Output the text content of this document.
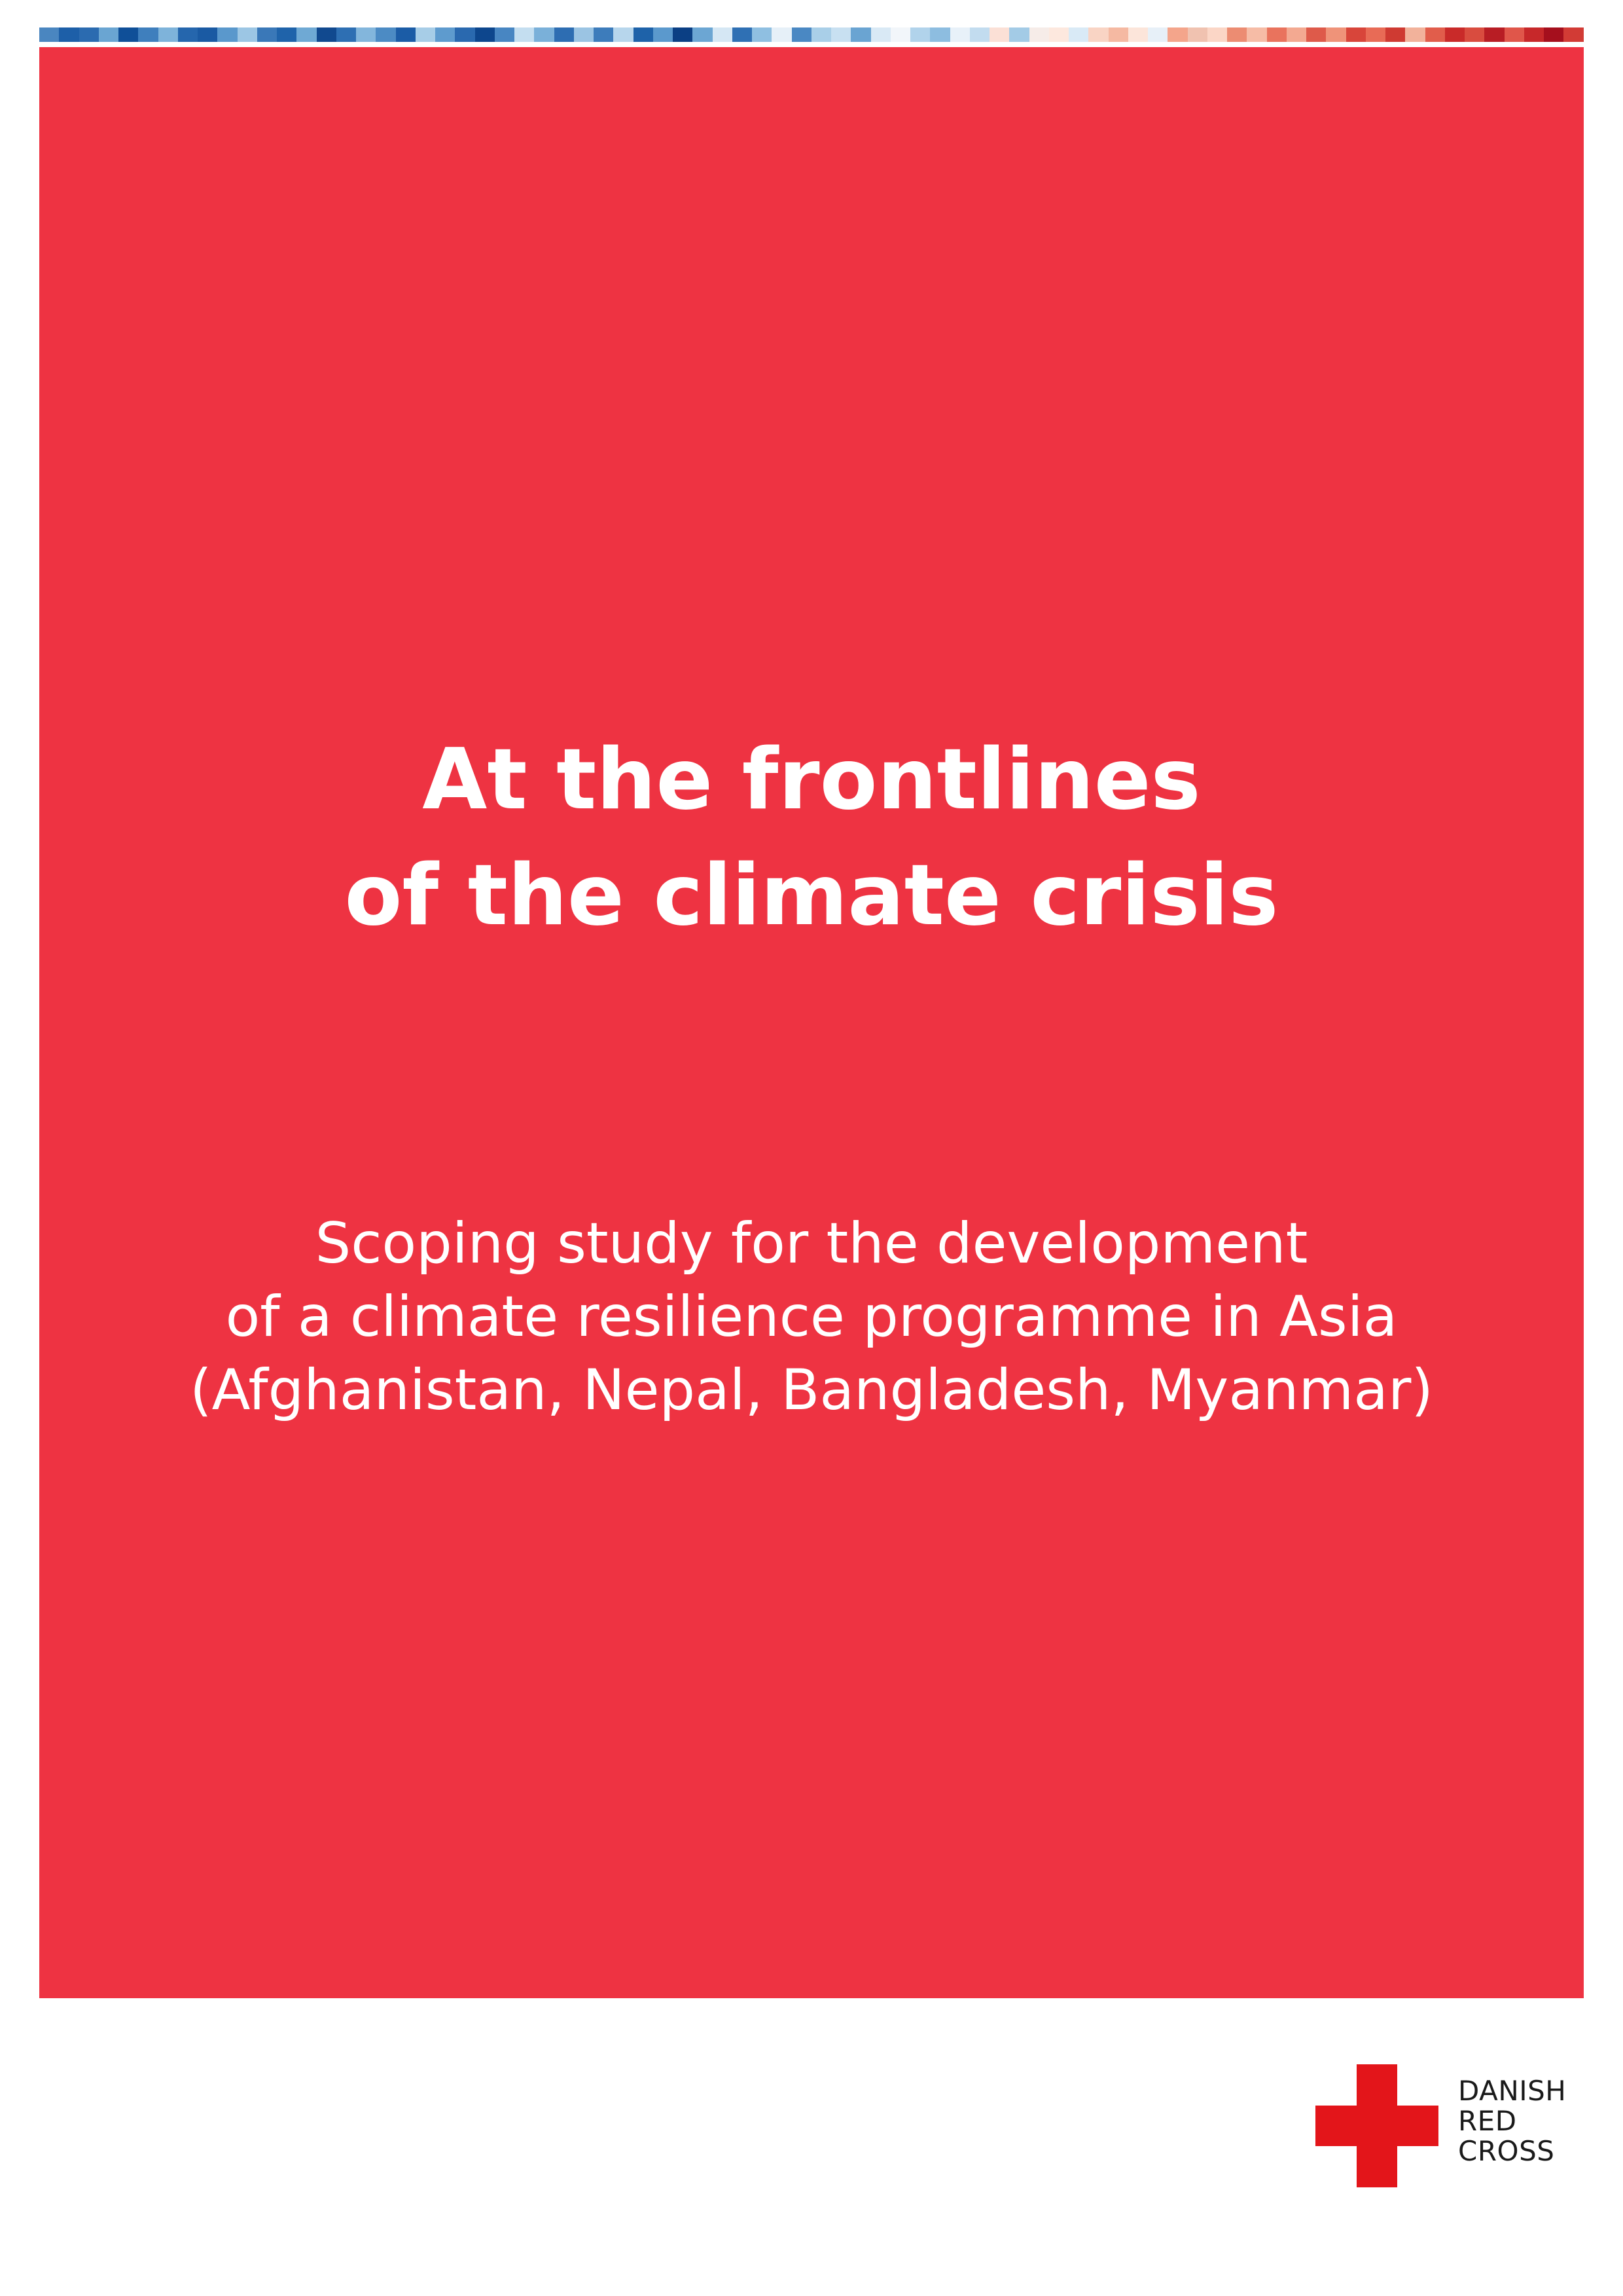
At the frontlines
of the climate crisis
Scoping study for the development
of a climate resilience programme in Asia
(Afghanistan, Nepal, Bangladesh, Myanmar)
DANISH
RED
CROSS
